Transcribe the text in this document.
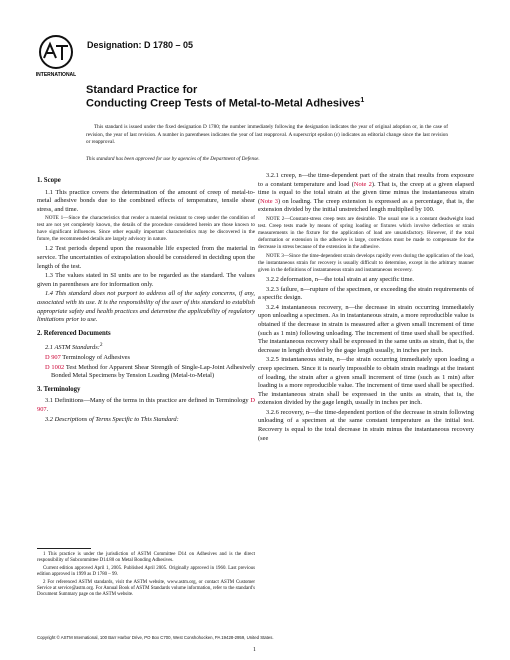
INTERNATIONAL
Designation: D 1780 – 05
Standard Practice for
Conducting Creep Tests of Metal-to-Metal Adhesives$^1$
This standard is issued under the fixed designation D 1780; the number immediately following the designation indicates the year of original adoption or, in the case of revision, the year of last revision. A number in parentheses indicates the year of last reapproval. A superscript epsilon (ε) indicates an editorial change since the last revision or reapproval.
This standard has been approved for use by agencies of the Department of Defense.
1. Scope

1.1 This practice covers the determination of the amount of creep of metal-to-metal adhesive bonds due to the combined effects of temperature, tensile shear stress, and time.

NOTE 1—Since the characteristics that render a material resistant to creep under the condition of test are not yet completely known, the details of the procedure considered herein are those known to have significant influences. Since other equally important characteristics may be discovered in the future, the recommended details are largely advisory in nature.

1.2 Test periods depend upon the reasonable life expected from the material in service. The uncertainties of extrapolation should be considered in deciding upon the length of the test.

1.3 The values stated in SI units are to be regarded as the standard. The values given in parentheses are for information only.

1.4 This standard does not purport to address all of the safety concerns, if any, associated with its use. It is the responsibility of the user of this standard to establish appropriate safety and health practices and determine the applicability of regulatory limitations prior to use.

2. Referenced Documents

2.1 ASTM Standards:$^2$

D 907 Terminology of Adhesives

D 1002 Test Method for Apparent Shear Strength of Single-Lap-Joint Adhesively Bonded Metal Specimens by Tension Loading (Metal-to-Metal)

3. Terminology

3.1 Definitions—Many of the terms in this practice are defined in Terminology D 907.

3.2 Descriptions of Terms Specific to This Standard:

1 This practice is under the jurisdiction of ASTM Committee D14 on Adhesives and is the direct responsibility of Subcommittee D14.80 on Metal Bonding Adhesives.

Current edition approved April 1, 2005. Published April 2005. Originally approved in 1960. Last previous edition approved in 1999 as D 1780 – 99.

2 For referenced ASTM standards, visit the ASTM website, www.astm.org, or contact ASTM Customer Service at service@astm.org. For Annual Book of ASTM Standards volume information, refer to the standard's Document Summary page on the ASTM website.

3.2.1 creep, n—the time-dependent part of the strain that results from exposure to a constant temperature and load (Note 2). That is, the creep at a given elapsed time is equal to the total strain at the given time minus the instantaneous strain (Note 3) on loading. The creep extension is expressed as a percentage, that is, the extension divided by the initial unstretched length multiplied by 100.

NOTE 2—Constant-stress creep tests are desirable. The usual one is a constant deadweight load test. Creep tests made by means of spring loading or fixtures which involve deflection or strain measurements in the fixture for the application of load are unsatisfactory. However, if the total deformation or extension in the adhesive is large, corrections must be made to compensate for the decrease in stress because of the extension in the adhesive.

NOTE 3—Since the time-dependent strain develops rapidly even during the application of the load, the instantaneous strain for recovery is usually difficult to determine, except in the arbitrary manner given in the definitions of instantaneous strain and instantaneous recovery.

3.2.2 deformation, n—the total strain at any specific time.

3.2.3 failure, n—rupture of the specimen, or exceeding the strain requirements of a specific design.

3.2.4 instantaneous recovery, n—the decrease in strain occurring immediately upon unloading a specimen. As in instantaneous strain, a more reproducible value is obtained if the decrease in strain is measured after a given small increment of time (such as 1 min) following unloading. The increment of time used shall be specified. The instantaneous recovery shall be expressed in the same units as strain, that is, the decrease in length divided by the gage length usually, in inches per inch.

3.2.5 instantaneous strain, n—the strain occurring immediately upon loading a creep specimen. Since it is nearly impossible to obtain strain readings at the instant of loading, the strain after a given small increment of time (such as 1 min) after loading is a more reproducible value. The increment of time used shall be specified. The instantaneous strain shall be expressed in the units as strain, that is, the extension divided by the gage length, usually in inches per inch.

3.2.6 recovery, n—the time-dependent portion of the decrease in strain following unloading of a specimen at the same constant temperature as the initial test. Recovery is equal to the total decrease in strain minus the instantaneous recovery (see

Copyright © ASTM International, 100 Barr Harbor Drive, PO Box C700, West Conshohocken, PA 19428-2959, United States.
1
